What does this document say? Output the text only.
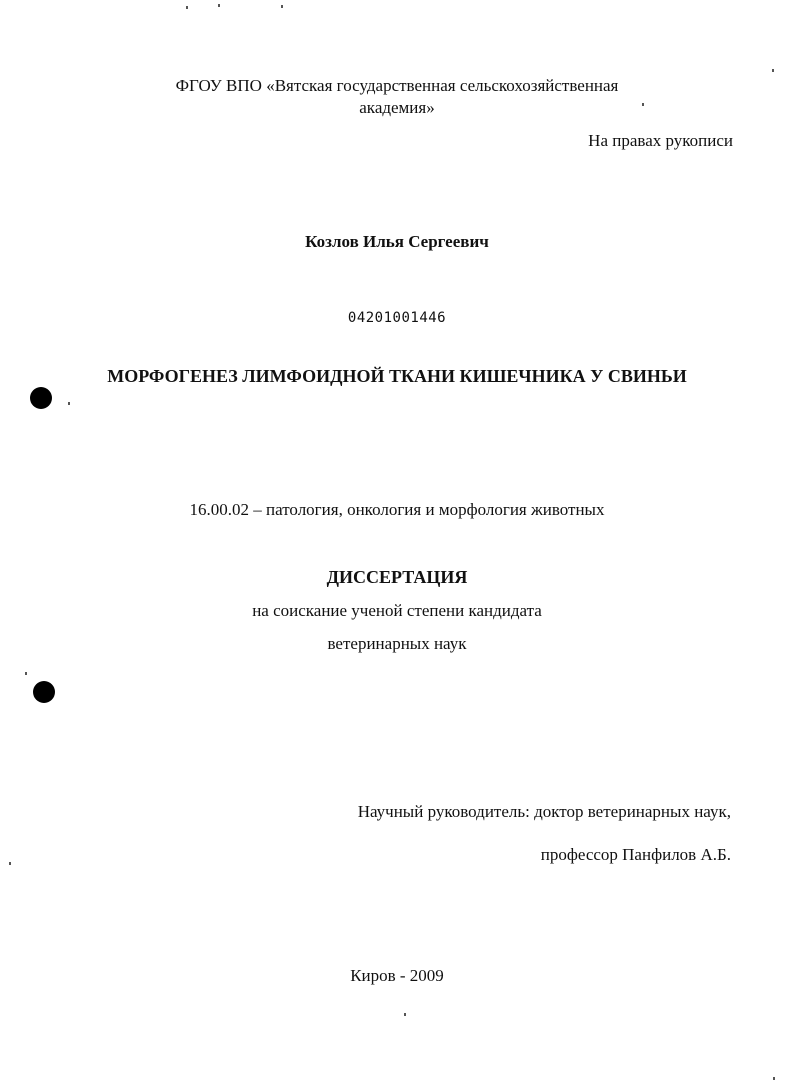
ФГОУ ВПО «Вятская государственная сельскохозяйственная
академия»
На правах рукописи
Козлов Илья Сергеевич
04201001446
МОРФОГЕНЕЗ ЛИМФОИДНОЙ ТКАНИ КИШЕЧНИКА У СВИНЬИ
16.00.02 – патология, онкология и морфология животных
ДИССЕРТАЦИЯ
на соискание ученой степени кандидата
ветеринарных наук
Научный руководитель: доктор ветеринарных наук,
профессор Панфилов А.Б.
Киров - 2009
